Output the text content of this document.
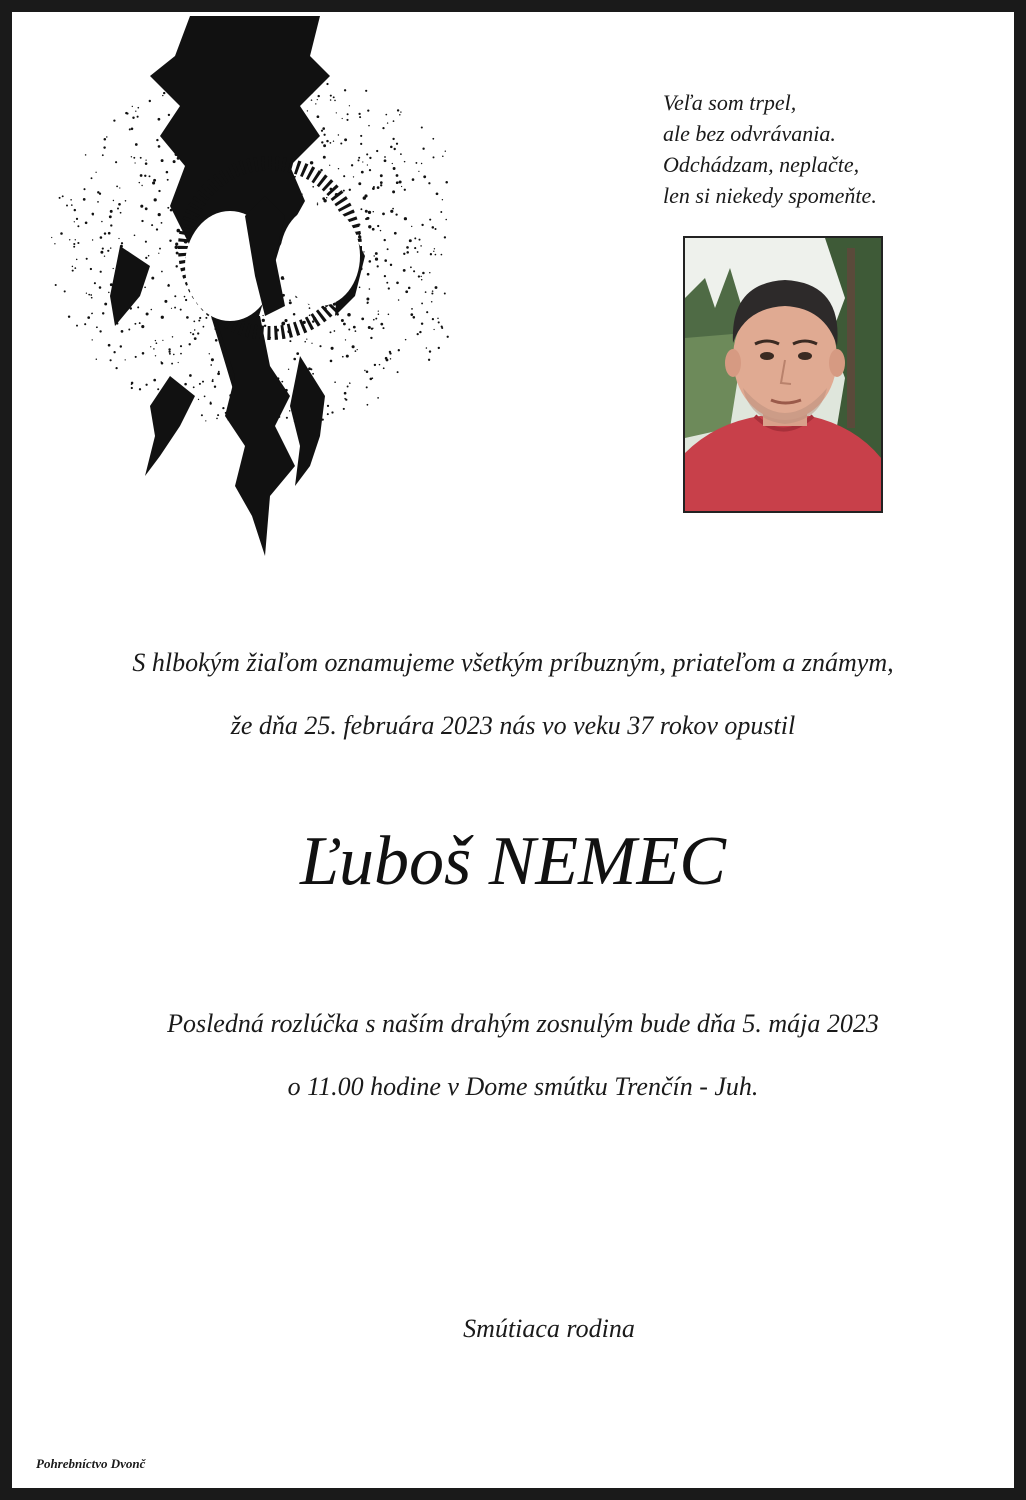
Veľa som trpel,
ale bez odvrávania.
Odchádzam, neplačte,
len si niekedy spomeňte.
S hlbokým žiaľom oznamujeme všetkým príbuzným, priateľom a známym,
že dňa 25. februára 2023 nás vo veku 37 rokov opustil
Ľuboš NEMEC
Posledná rozlúčka s naším drahým zosnulým bude dňa 5. mája 2023
o 11.00 hodine v Dome smútku Trenčín - Juh.
Smútiaca rodina
Pohrebníctvo Dvonč
